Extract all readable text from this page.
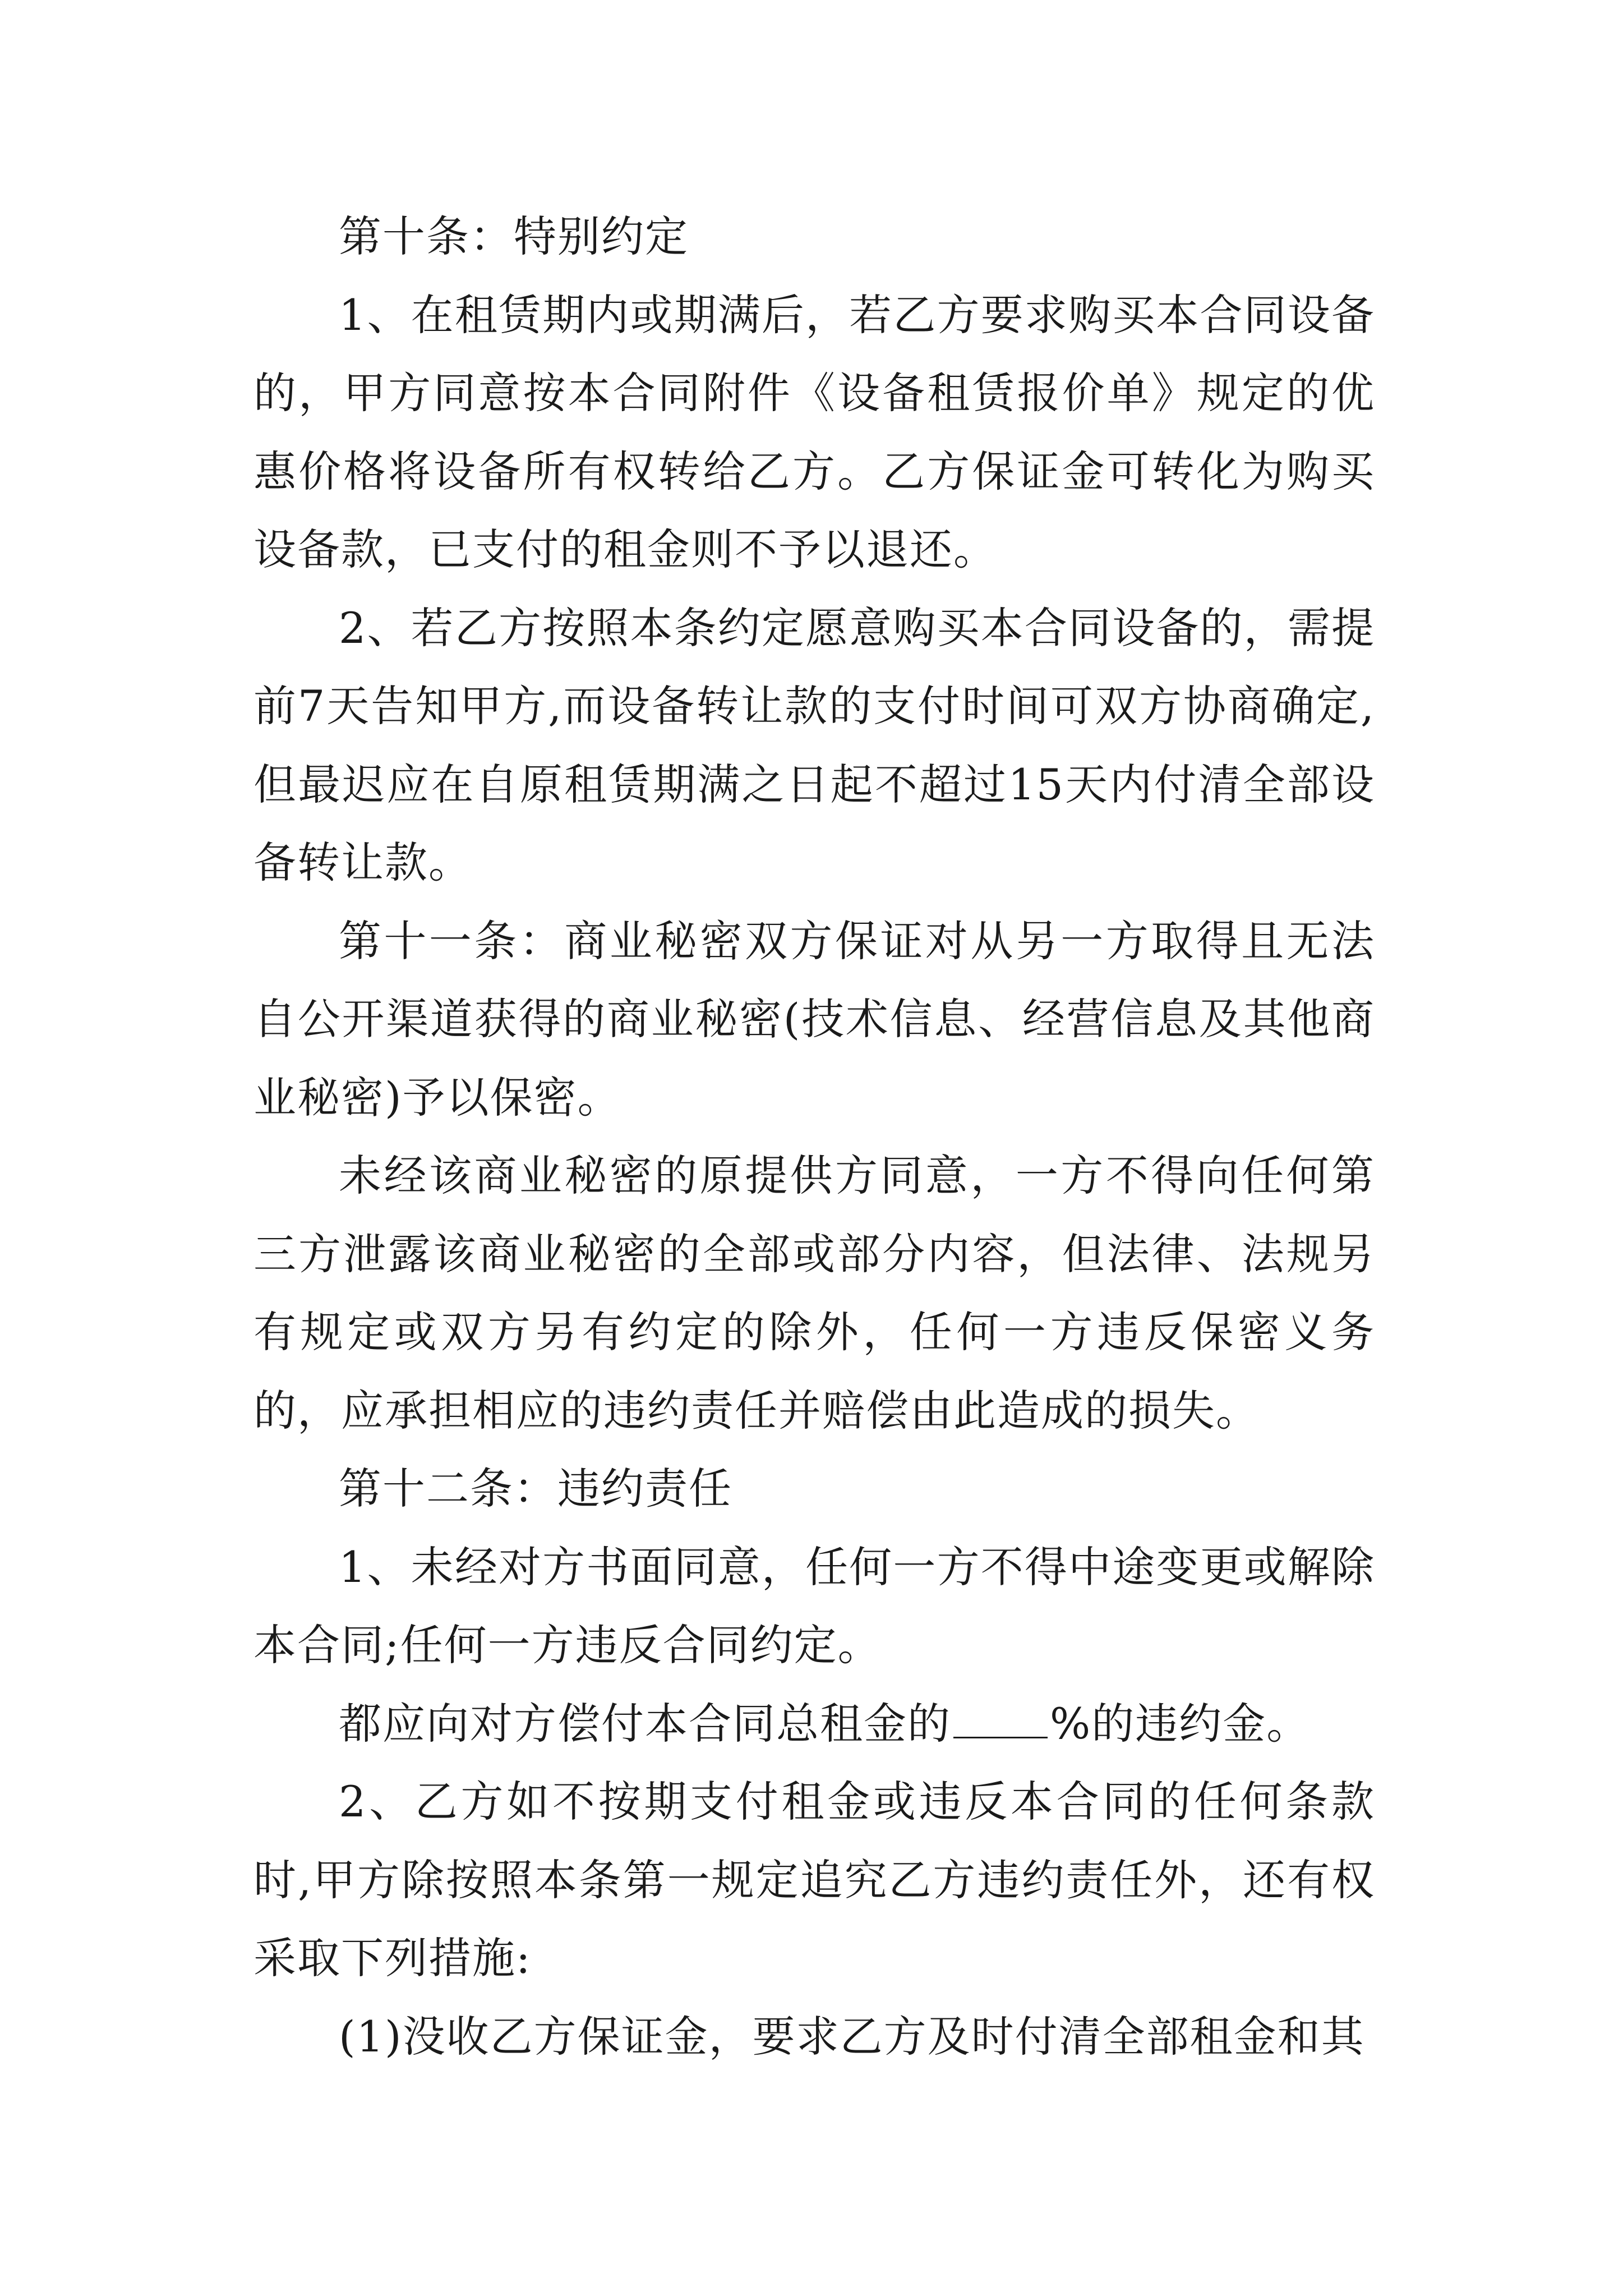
第十条：特别约定

1、在租赁期内或期满后，若乙方要求购买本合同设备的，甲方同意按本合同附件《设备租赁报价单》规定的优惠价格将设备所有权转给乙方。乙方保证金可转化为购买设备款，已支付的租金则不予以退还。

2、若乙方按照本条约定愿意购买本合同设备的，需提前7天告知甲方,而设备转让款的支付时间可双方协商确定,但最迟应在自原租赁期满之日起不超过15天内付清全部设备转让款。

第十一条：商业秘密双方保证对从另一方取得且无法自公开渠道获得的商业秘密(技术信息、经营信息及其他商业秘密)予以保密。

未经该商业秘密的原提供方同意，一方不得向任何第三方泄露该商业秘密的全部或部分内容，但法律、法规另有规定或双方另有约定的除外，任何一方违反保密义务的，应承担相应的违约责任并赔偿由此造成的损失。

第十二条：违约责任

1、未经对方书面同意，任何一方不得中途变更或解除本合同;任何一方违反合同约定。

都应向对方偿付本合同总租金的 %的违约金。

2、乙方如不按期支付租金或违反本合同的任何条款时,甲方除按照本条第一规定追究乙方违约责任外，还有权采取下列措施:

(1)没收乙方保证金，要求乙方及时付清全部租金和其
